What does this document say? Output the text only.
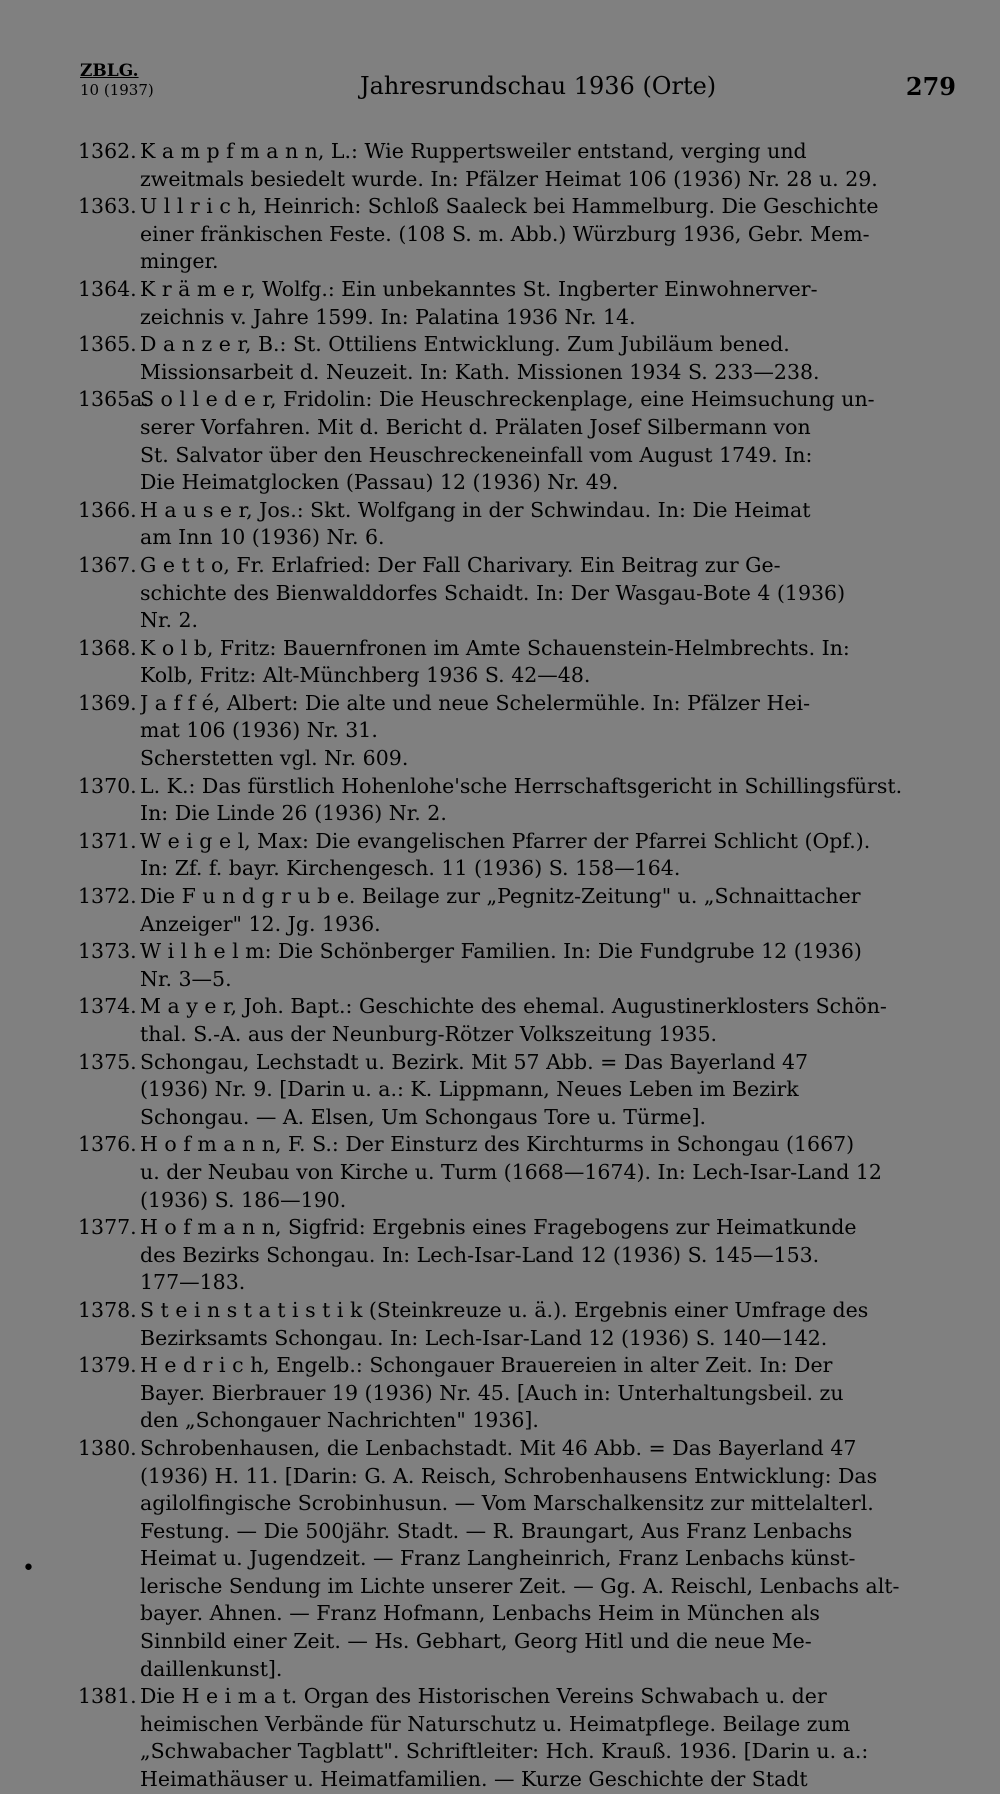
ZBLG.
10 (1937)	Jahresrundschau 1936 (Orte)	279
1362. K a m p f m a n n, L.: Wie Ruppertsweiler entstand, verging und
zweitmals besiedelt wurde. In: Pfälzer Heimat 106 (1936) Nr. 28 u. 29.
1363. U l l r i c h, Heinrich: Schloß Saaleck bei Hammelburg. Die Geschichte
einer fränkischen Feste. (108 S. m. Abb.) Würzburg 1936, Gebr. Mem-
minger.
1364. K r ä m e r, Wolfg.: Ein unbekanntes St. Ingberter Einwohnerver-
zeichnis v. Jahre 1599. In: Palatina 1936 Nr. 14.
1365. D a n z e r, B.: St. Ottiliens Entwicklung. Zum Jubiläum bened.
Missionsarbeit d. Neuzeit. In: Kath. Missionen 1934 S. 233—238.
1365a.
S o l l e d e r, Fridolin: Die Heuschreckenplage, eine Heimsuchung un-
serer Vorfahren. Mit d. Bericht d. Prälaten Josef Silbermann von
St. Salvator über den Heuschreckeneinfall vom August 1749. In:
Die Heimatglocken (Passau) 12 (1936) Nr. 49.
1366. H a u s e r, Jos.: Skt. Wolfgang in der Schwindau. In: Die Heimat
am Inn 10 (1936) Nr. 6.
1367. G e t t o, Fr. Erlafried: Der Fall Charivary. Ein Beitrag zur Ge-
schichte des Bienwalddorfes Schaidt. In: Der Wasgau-Bote 4 (1936)
Nr. 2.
1368. K o l b, Fritz: Bauernfronen im Amte Schauenstein-Helmbrechts. In:
Kolb, Fritz: Alt-Münchberg 1936 S. 42—48.
1369. J a f f é, Albert: Die alte und neue Schelermühle. In: Pfälzer Hei-
mat 106 (1936) Nr. 31.
Scherstetten vgl. Nr. 609.
1370. L. K.: Das fürstlich Hohenlohe'sche Herrschaftsgericht in Schillingsfürst.
In: Die Linde 26 (1936) Nr. 2.
1371. W e i g e l, Max: Die evangelischen Pfarrer der Pfarrei Schlicht (Opf.).
In: Zf. f. bayr. Kirchengesch. 11 (1936) S. 158—164.
1372. Die F u n d g r u b e. Beilage zur „Pegnitz-Zeitung" u. „Schnaittacher
Anzeiger" 12. Jg. 1936.
1373. W i l h e l m: Die Schönberger Familien. In: Die Fundgrube 12 (1936)
Nr. 3—5.
1374. M a y e r, Joh. Bapt.: Geschichte des ehemal. Augustinerklosters Schön-
thal. S.-A. aus der Neunburg-Rötzer Volkszeitung 1935.
1375. Schongau, Lechstadt u. Bezirk. Mit 57 Abb. = Das Bayerland 47
(1936) Nr. 9. [Darin u. a.: K. Lippmann, Neues Leben im Bezirk
Schongau. — A. Elsen, Um Schongaus Tore u. Türme].
1376. H o f m a n n, F. S.: Der Einsturz des Kirchturms in Schongau (1667)
u. der Neubau von Kirche u. Turm (1668—1674). In: Lech-Isar-Land 12
(1936) S. 186—190.
1377. H o f m a n n, Sigfrid: Ergebnis eines Fragebogens zur Heimatkunde
des Bezirks Schongau. In: Lech-Isar-Land 12 (1936) S. 145—153.
177—183.
1378. S t e i n s t a t i s t i k (Steinkreuze u. ä.). Ergebnis einer Umfrage des
Bezirksamts Schongau. In: Lech-Isar-Land 12 (1936) S. 140—142.
1379. H e d r i c h, Engelb.: Schongauer Brauereien in alter Zeit. In: Der
Bayer. Bierbrauer 19 (1936) Nr. 45. [Auch in: Unterhaltungsbeil. zu
den „Schongauer Nachrichten" 1936].
1380. Schrobenhausen, die Lenbachstadt. Mit 46 Abb. = Das Bayerland 47
(1936) H. 11. [Darin: G. A. Reisch, Schrobenhausens Entwicklung: Das
agilolfingische Scrobinhusun. — Vom Marschalkensitz zur mittelalterl.
Festung. — Die 500jähr. Stadt. — R. Braungart, Aus Franz Lenbachs
Heimat u. Jugendzeit. — Franz Langheinrich, Franz Lenbachs künst-
lerische Sendung im Lichte unserer Zeit. — Gg. A. Reischl, Lenbachs alt-
bayer. Ahnen. — Franz Hofmann, Lenbachs Heim in München als
Sinnbild einer Zeit. — Hs. Gebhart, Georg Hitl und die neue Me-
daillenkunst].
1381. Die H e i m a t. Organ des Historischen Vereins Schwabach u. der
heimischen Verbände für Naturschutz u. Heimatpflege. Beilage zum
„Schwabacher Tagblatt". Schriftleiter: Hch. Krauß. 1936. [Darin u. a.:
Heimathäuser u. Heimatfamilien. — Kurze Geschichte der Stadt
•
